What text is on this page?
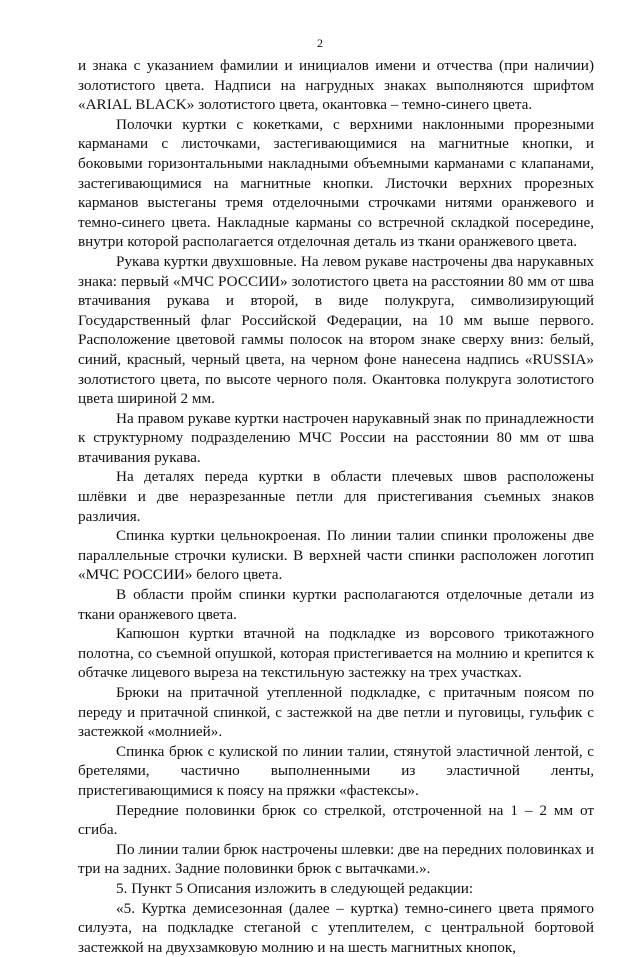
2

и знака с указанием фамилии и инициалов имени и отчества (при наличии) золотистого цвета. Надписи на нагрудных знаках выполняются шрифтом «ARIAL BLACK» золотистого цвета, окантовка – темно-синего цвета.

Полочки куртки с кокетками, с верхними наклонными прорезными карманами с листочками, застегивающимися на магнитные кнопки, и боковыми горизонтальными накладными объемными карманами с клапанами, застегивающимися на магнитные кнопки. Листочки верхних прорезных карманов выстеганы тремя отделочными строчками нитями оранжевого и темно-синего цвета. Накладные карманы со встречной складкой посередине, внутри которой располагается отделочная деталь из ткани оранжевого цвета.

Рукава куртки двухшовные. На левом рукаве настрочены два нарукавных знака: первый «МЧС РОССИИ» золотистого цвета на расстоянии 80 мм от шва втачивания рукава и второй, в виде полукруга, символизирующий Государственный флаг Российской Федерации, на 10 мм выше первого. Расположение цветовой гаммы полосок на втором знаке сверху вниз: белый, синий, красный, черный цвета, на черном фоне нанесена надпись «RUSSIA» золотистого цвета, по высоте черного поля. Окантовка полукруга золотистого цвета шириной 2 мм.

На правом рукаве куртки настрочен нарукавный знак по принадлежности к структурному подразделению МЧС России на расстоянии 80 мм от шва втачивания рукава.

На деталях переда куртки в области плечевых швов расположены шлёвки и две неразрезанные петли для пристегивания съемных знаков различия.

Спинка куртки цельнокроеная. По линии талии спинки проложены две параллельные строчки кулиски. В верхней части спинки расположен логотип «МЧС РОССИИ» белого цвета.

В области пройм спинки куртки располагаются отделочные детали из ткани оранжевого цвета.

Капюшон куртки втачной на подкладке из ворсового трикотажного полотна, со съемной опушкой, которая пристегивается на молнию и крепится к обтачке лицевого выреза на текстильную застежку на трех участках.

Брюки на притачной утепленной подкладке, с притачным поясом по переду и притачной спинкой, с застежкой на две петли и пуговицы, гульфик с застежкой «молнией».

Спинка брюк с кулиской по линии талии, стянутой эластичной лентой, с бретелями, частично выполненными из эластичной ленты, пристегивающимися к поясу на пряжки «фастексы».

Передние половинки брюк со стрелкой, отстроченной на 1 – 2 мм от сгиба.

По линии талии брюк настрочены шлевки: две на передних половинках и три на задних. Задние половинки брюк с вытачками.».

5. Пункт 5 Описания изложить в следующей редакции:

«5. Куртка демисезонная (далее – куртка) темно-синего цвета прямого силуэта, на подкладке стеганой с утеплителем, с центральной бортовой застежкой на двухзамковую молнию и на шесть магнитных кнопок,
